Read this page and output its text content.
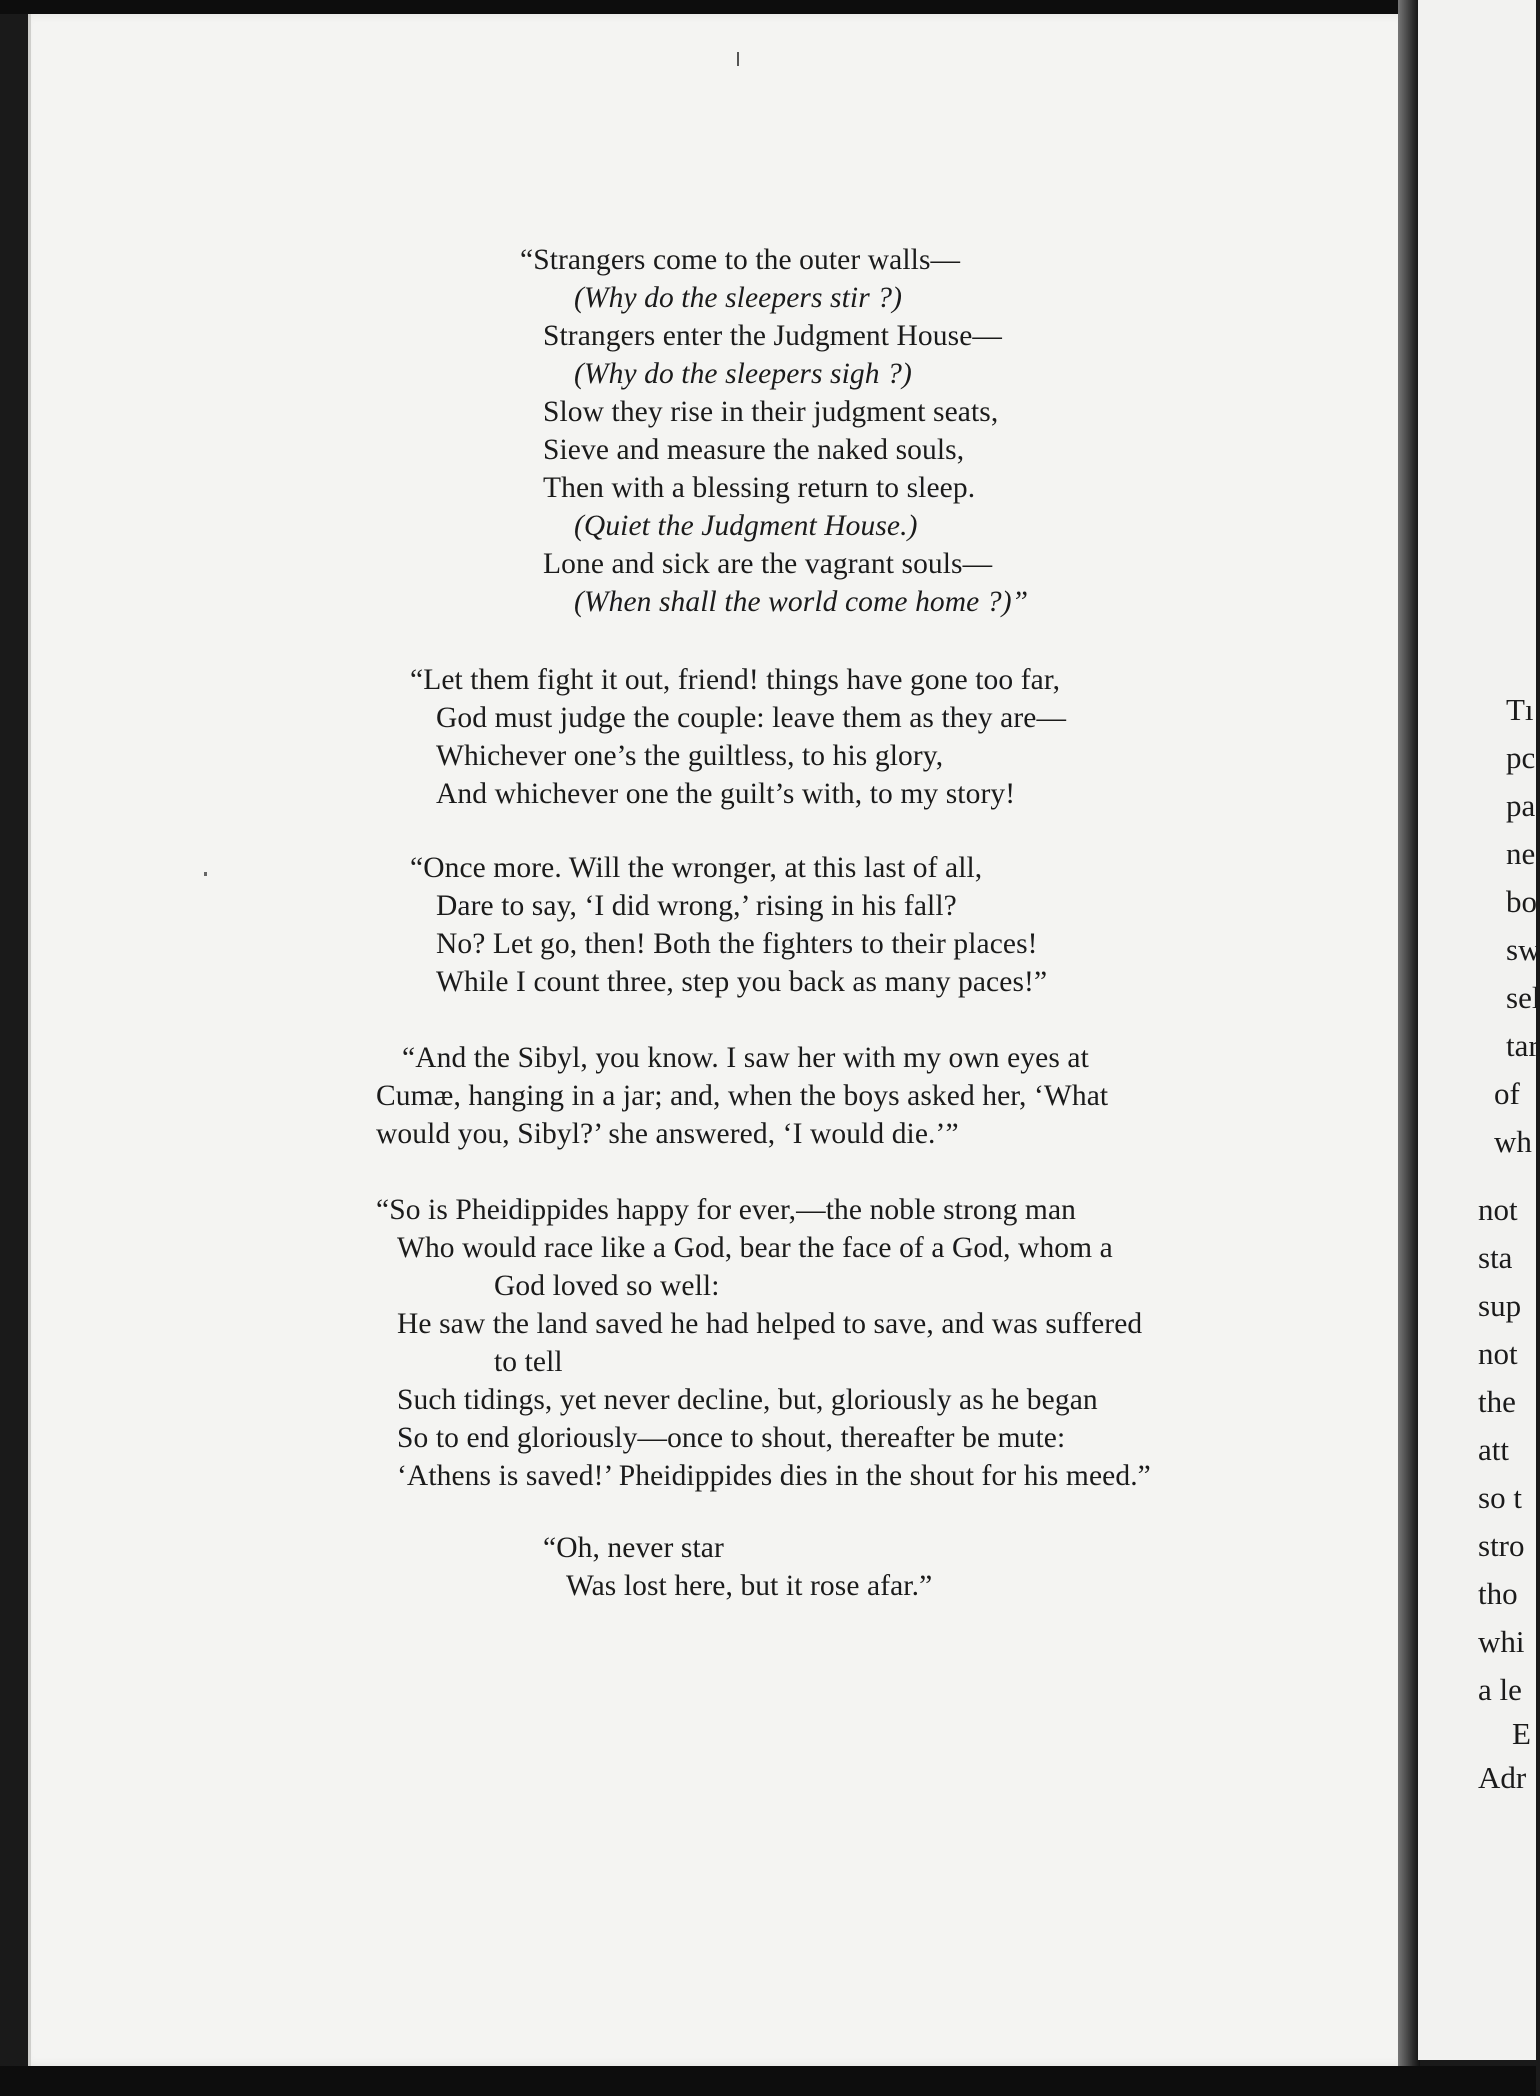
“Strangers come to the outer walls—
(Why do the sleepers stir ?)
Strangers enter the Judgment House—
(Why do the sleepers sigh ?)
Slow they rise in their judgment seats,
Sieve and measure the naked souls,
Then with a blessing return to sleep.
(Quiet the Judgment House.)
Lone and sick are the vagrant souls—
(When shall the world come home ?)”
“Let them fight it out, friend! things have gone too far,
God must judge the couple: leave them as they are—
Whichever one’s the guiltless, to his glory,
And whichever one the guilt’s with, to my story!
“Once more. Will the wronger, at this last of all,
Dare to say, ‘I did wrong,’ rising in his fall?
No? Let go, then! Both the fighters to their places!
While I count three, step you back as many paces!”
“And the Sibyl, you know. I saw her with my own eyes at
Cumæ, hanging in a jar; and, when the boys asked her, ‘What
would you, Sibyl?’ she answered, ‘I would die.’”
“So is Pheidippides happy for ever,—the noble strong man
Who would race like a God, bear the face of a God, whom a
God loved so well:
He saw the land saved he had helped to save, and was suffered
to tell
Such tidings, yet never decline, but, gloriously as he began
So to end gloriously—once to shout, thereafter be mute:
‘Athens is saved!’ Pheidippides dies in the shout for his meed.”
“Oh, never star
Was lost here, but it rose afar.”
Tı
pc
pa
ne
bo
sw
sel
tar
of
wh
not
sta
sup
not
the
att
so t
stro
tho
whi
a le
E
Adr
